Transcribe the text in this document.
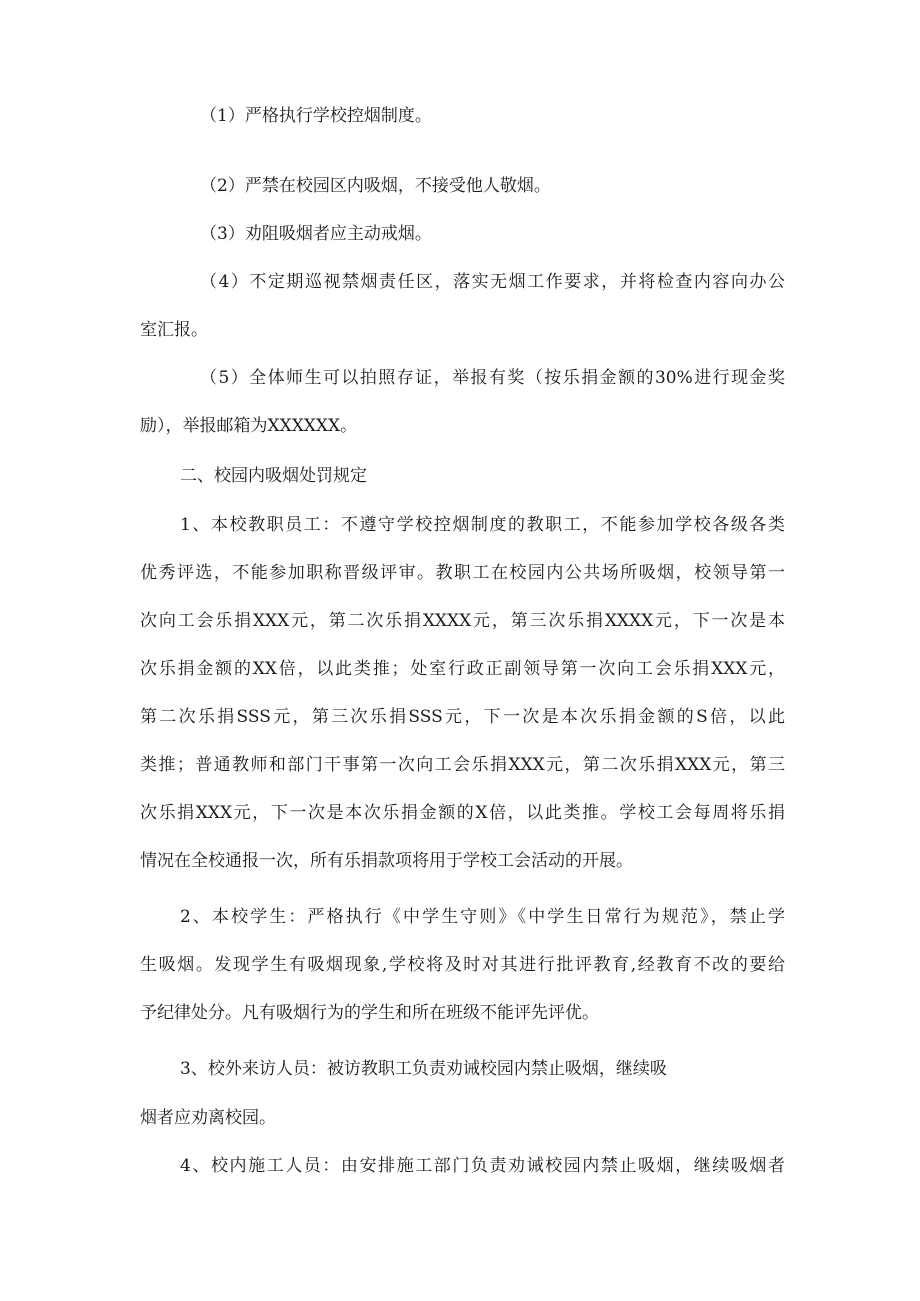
（1）严格执行学校控烟制度。

（2）严禁在校园区内吸烟，不接受他人敬烟。

（3）劝阻吸烟者应主动戒烟。

（4）不定期巡视禁烟责任区，落实无烟工作要求，并将检查内容向办公

室汇报。

（5）全体师生可以拍照存证，举报有奖（按乐捐金额的30%进行现金奖

励），举报邮箱为XXXXXX。

二、校园内吸烟处罚规定

1、本校教职员工：不遵守学校控烟制度的教职工，不能参加学校各级各类

优秀评选，不能参加职称晋级评审。教职工在校园内公共场所吸烟，校领导第一

次向工会乐捐XXX元，第二次乐捐XXXX元，第三次乐捐XXXX元，下一次是本

次乐捐金额的XX倍，以此类推；处室行政正副领导第一次向工会乐捐XXX元，

第二次乐捐SSS元，第三次乐捐SSS元，下一次是本次乐捐金额的S倍，以此

类推；普通教师和部门干事第一次向工会乐捐XXX元，第二次乐捐XXX元，第三

次乐捐XXX元，下一次是本次乐捐金额的X倍，以此类推。学校工会每周将乐捐

情况在全校通报一次，所有乐捐款项将用于学校工会活动的开展。

2、本校学生：严格执行《中学生守则》《中学生日常行为规范》，禁止学

生吸烟。发现学生有吸烟现象,学校将及时对其进行批评教育,经教育不改的要给

予纪律处分。凡有吸烟行为的学生和所在班级不能评先评优。

3、校外来访人员：被访教职工负责劝诫校园内禁止吸烟，继续吸

烟者应劝离校园。

4、校内施工人员：由安排施工部门负责劝诫校园内禁止吸烟，继续吸烟者
